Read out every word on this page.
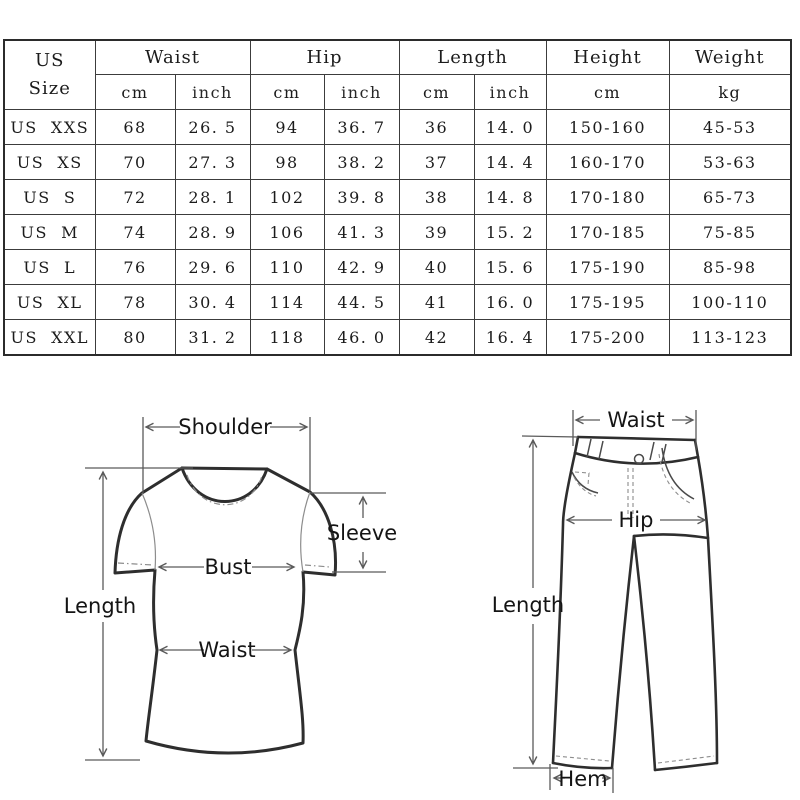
US
Size	Waist		Hip		Length		Height	Weight
	cm	inch	cm	inch	cm	inch	cm	kg
US  XXS	68	26. 5	94	36. 7	36	14. 0	150-160	45-53
US  XS	70	27. 3	98	38. 2	37	14. 4	160-170	53-63
US  S	72	28. 1	102	39. 8	38	14. 8	170-180	65-73
US  M	74	28. 9	106	41. 3	39	15. 2	170-185	75-85
US  L	76	29. 6	110	42. 9	40	15. 6	175-190	85-98
US  XL	78	30. 4	114	44. 5	41	16. 0	175-195	100-110
US  XXL	80	31. 2	118	46. 0	42	16. 4	175-200	113-123
Shoulder
Length
Sleeve
Bust
Waist
Waist
Hip
Length
Hem
